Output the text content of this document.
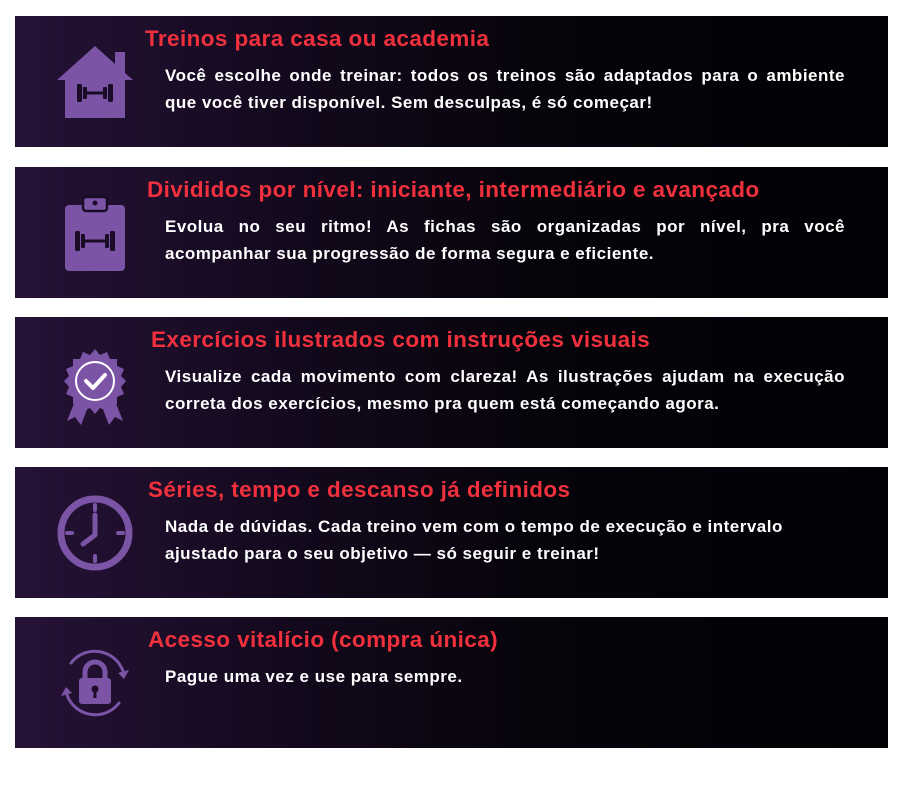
Treinos para casa ou academia
Você escolhe onde treinar: todos os treinos são adaptados para o ambiente que você tiver disponível. Sem desculpas, é só começar!
Divididos por nível: iniciante, intermediário e avançado
Evolua no seu ritmo! As fichas são organizadas por nível, pra você acompanhar sua progressão de forma segura e eficiente.
Exercícios ilustrados com instruções visuais
Visualize cada movimento com clareza! As ilustrações ajudam na execução correta dos exercícios, mesmo pra quem está começando agora.
Séries, tempo e descanso já definidos
Nada de dúvidas. Cada treino vem com o tempo de execução e intervalo ajustado para o seu objetivo — só seguir e treinar!
Acesso vitalício (compra única)
Pague uma vez e use para sempre.
